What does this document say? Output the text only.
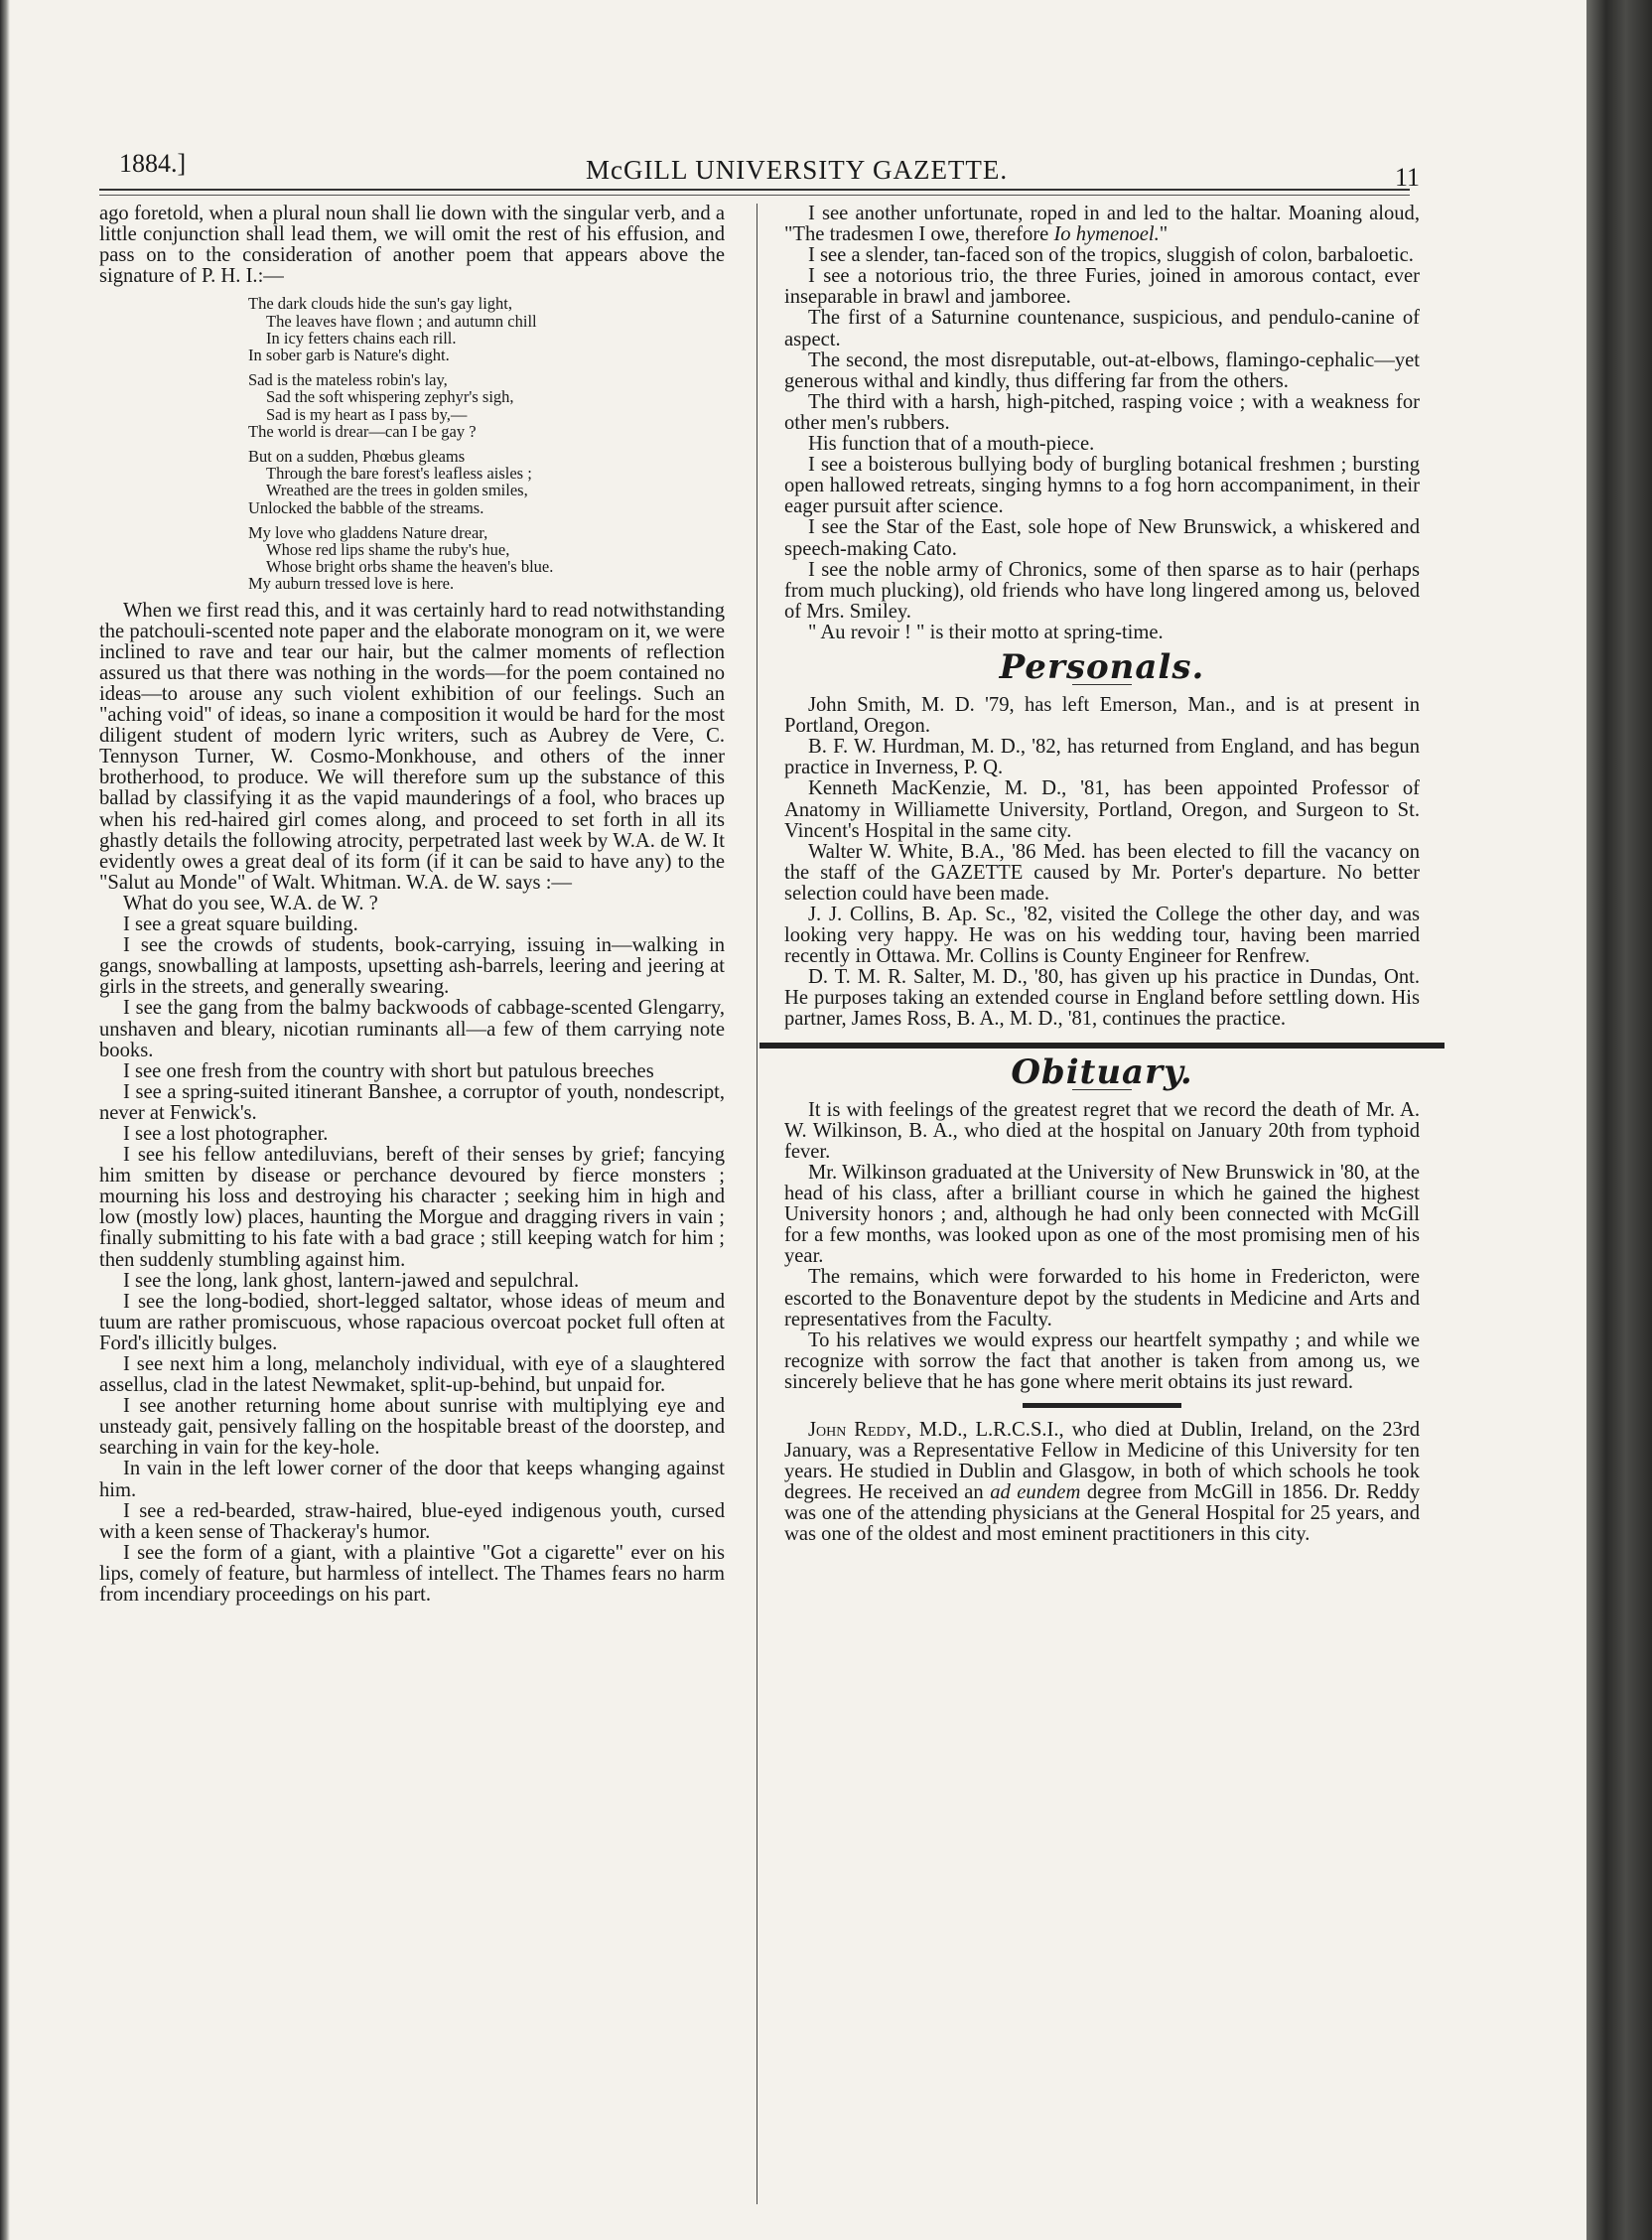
1884.]	McGILL UNIVERSITY GAZETTE.	11

ago foretold, when a plural noun shall lie down with the singular verb, and a little conjunction shall lead them, we will omit the rest of his effusion, and pass on to the consideration of another poem that appears above the signature of P. H. I.:—

The dark clouds hide the sun's gay light,
The leaves have flown ; and autumn chill
In icy fetters chains each rill.
In sober garb is Nature's dight.
Sad is the mateless robin's lay,
Sad the soft whispering zephyr's sigh,
Sad is my heart as I pass by,—
The world is drear—can I be gay ?
But on a sudden, Phœbus gleams
Through the bare forest's leafless aisles ;
Wreathed are the trees in golden smiles,
Unlocked the babble of the streams.
My love who gladdens Nature drear,
Whose red lips shame the ruby's hue,
Whose bright orbs shame the heaven's blue.
My auburn tressed love is here.

When we first read this, and it was certainly hard to read notwithstanding the patchouli-scented note paper and the elaborate monogram on it, we were inclined to rave and tear our hair, but the calmer moments of reflection assured us that there was nothing in the words—for the poem contained no ideas—to arouse any such violent exhibition of our feelings. Such an "aching void" of ideas, so inane a composition it would be hard for the most diligent student of modern lyric writers, such as Aubrey de Vere, C. Tennyson Turner, W. Cosmo-Monkhouse, and others of the inner brotherhood, to produce. We will therefore sum up the substance of this ballad by classifying it as the vapid maunderings of a fool, who braces up when his red-haired girl comes along, and proceed to set forth in all its ghastly details the following atrocity, perpetrated last week by W.A. de W. It evidently owes a great deal of its form (if it can be said to have any) to the "Salut au Monde" of Walt. Whitman. W.A. de W. says :—

What do you see, W.A. de W. ?

I see a great square building.

I see the crowds of students, book-carrying, issuing in—walking in gangs, snowballing at lamposts, upsetting ash-barrels, leering and jeering at girls in the streets, and generally swearing.

I see the gang from the balmy backwoods of cabbage-scented Glengarry, unshaven and bleary, nicotian ruminants all—a few of them carrying note books.

I see one fresh from the country with short but patulous breeches

I see a spring-suited itinerant Banshee, a corruptor of youth, nondescript, never at Fenwick's.

I see a lost photographer.

I see his fellow antediluvians, bereft of their senses by grief; fancying him smitten by disease or perchance devoured by fierce monsters ; mourning his loss and destroying his character ; seeking him in high and low (mostly low) places, haunting the Morgue and dragging rivers in vain ; finally submitting to his fate with a bad grace ; still keeping watch for him ; then suddenly stumbling against him.

I see the long, lank ghost, lantern-jawed and sepulchral.

I see the long-bodied, short-legged saltator, whose ideas of meum and tuum are rather promiscuous, whose rapacious overcoat pocket full often at Ford's illicitly bulges.

I see next him a long, melancholy individual, with eye of a slaughtered assellus, clad in the latest Newmaket, split-up-behind, but unpaid for.

I see another returning home about sunrise with multiplying eye and unsteady gait, pensively falling on the hospitable breast of the doorstep, and searching in vain for the key-hole.

In vain in the left lower corner of the door that keeps whanging against him.

I see a red-bearded, straw-haired, blue-eyed indigenous youth, cursed with a keen sense of Thackeray's humor.

I see the form of a giant, with a plaintive "Got a cigarette" ever on his lips, comely of feature, but harmless of intellect. The Thames fears no harm from incendiary proceedings on his part.

I see another unfortunate, roped in and led to the haltar. Moaning aloud, "The tradesmen I owe, therefore Io hymenoel."

I see a slender, tan-faced son of the tropics, sluggish of colon, barbaloetic.

I see a notorious trio, the three Furies, joined in amorous contact, ever inseparable in brawl and jamboree.

The first of a Saturnine countenance, suspicious, and pendulo-canine of aspect.

The second, the most disreputable, out-at-elbows, flamingo-cephalic—yet generous withal and kindly, thus differing far from the others.

The third with a harsh, high-pitched, rasping voice ; with a weakness for other men's rubbers.

His function that of a mouth-piece.

I see a boisterous bullying body of burgling botanical freshmen ; bursting open hallowed retreats, singing hymns to a fog horn accompaniment, in their eager pursuit after science.

I see the Star of the East, sole hope of New Brunswick, a whiskered and speech-making Cato.

I see the noble army of Chronics, some of then sparse as to hair (perhaps from much plucking), old friends who have long lingered among us, beloved of Mrs. Smiley.

" Au revoir ! " is their motto at spring-time.

Personals.

John Smith, M. D. '79, has left Emerson, Man., and is at present in Portland, Oregon.

B. F. W. Hurdman, M. D., '82, has returned from England, and has begun practice in Inverness, P. Q.

Kenneth MacKenzie, M. D., '81, has been appointed Professor of Anatomy in Williamette University, Portland, Oregon, and Surgeon to St. Vincent's Hospital in the same city.

Walter W. White, B.A., '86 Med. has been elected to fill the vacancy on the staff of the GAZETTE caused by Mr. Porter's departure. No better selection could have been made.

J. J. Collins, B. Ap. Sc., '82, visited the College the other day, and was looking very happy. He was on his wedding tour, having been married recently in Ottawa. Mr. Collins is County Engineer for Renfrew.

D. T. M. R. Salter, M. D., '80, has given up his practice in Dundas, Ont. He purposes taking an extended course in England before settling down. His partner, James Ross, B. A., M. D., '81, continues the practice.

Obituary.

It is with feelings of the greatest regret that we record the death of Mr. A. W. Wilkinson, B. A., who died at the hospital on January 20th from typhoid fever.

Mr. Wilkinson graduated at the University of New Brunswick in '80, at the head of his class, after a brilliant course in which he gained the highest University honors ; and, although he had only been connected with McGill for a few months, was looked upon as one of the most promising men of his year.

The remains, which were forwarded to his home in Fredericton, were escorted to the Bonaventure depot by the students in Medicine and Arts and representatives from the Faculty.

To his relatives we would express our heartfelt sympathy ; and while we recognize with sorrow the fact that another is taken from among us, we sincerely believe that he has gone where merit obtains its just reward.

John Reddy, M.D., L.R.C.S.I., who died at Dublin, Ireland, on the 23rd January, was a Representative Fellow in Medicine of this University for ten years. He studied in Dublin and Glasgow, in both of which schools he took degrees. He received an ad eundem degree from McGill in 1856. Dr. Reddy was one of the attending physicians at the General Hospital for 25 years, and was one of the oldest and most eminent practitioners in this city.
